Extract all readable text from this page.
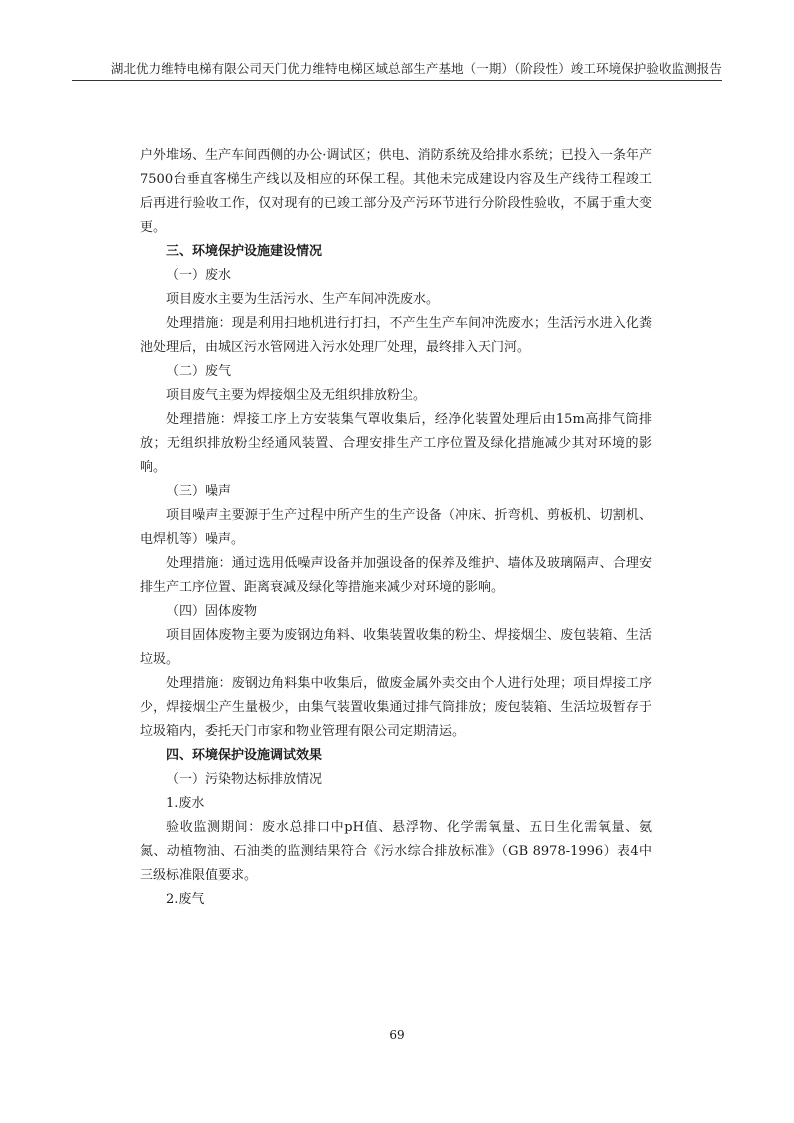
湖北优力维特电梯有限公司天门优力维特电梯区域总部生产基地（一期）（阶段性）竣工环境保护验收监测报告

户外堆场、生产车间西侧的办公·调试区；供电、消防系统及给排水系统；已投入一条年产7500台垂直客梯生产线以及相应的环保工程。其他未完成建设内容及生产线待工程竣工后再进行验收工作，仅对现有的已竣工部分及产污环节进行分阶段性验收，不属于重大变更。

三、环境保护设施建设情况

（一）废水

项目废水主要为生活污水、生产车间冲洗废水。

处理措施：现是利用扫地机进行打扫，不产生生产车间冲洗废水；生活污水进入化粪池处理后，由城区污水管网进入污水处理厂处理，最终排入天门河。

（二）废气

项目废气主要为焊接烟尘及无组织排放粉尘。

处理措施：焊接工序上方安装集气罩收集后，经净化装置处理后由15m高排气筒排放；无组织排放粉尘经通风装置、合理安排生产工序位置及绿化措施减少其对环境的影响。

（三）噪声

项目噪声主要源于生产过程中所产生的生产设备（冲床、折弯机、剪板机、切割机、电焊机等）噪声。

处理措施：通过选用低噪声设备并加强设备的保养及维护、墙体及玻璃隔声、合理安排生产工序位置、距离衰减及绿化等措施来减少对环境的影响。

（四）固体废物

项目固体废物主要为废钢边角料、收集装置收集的粉尘、焊接烟尘、废包装箱、生活垃圾。

处理措施：废钢边角料集中收集后，做废金属外卖交由个人进行处理；项目焊接工序少，焊接烟尘产生量极少，由集气装置收集通过排气筒排放；废包装箱、生活垃圾暂存于垃圾箱内，委托天门市家和物业管理有限公司定期清运。

四、环境保护设施调试效果

（一）污染物达标排放情况

1.废水

验收监测期间：废水总排口中pH值、悬浮物、化学需氧量、五日生化需氧量、氨氮、动植物油、石油类的监测结果符合《污水综合排放标准》（GB 8978-1996）表4中三级标准限值要求。

2.废气

69
